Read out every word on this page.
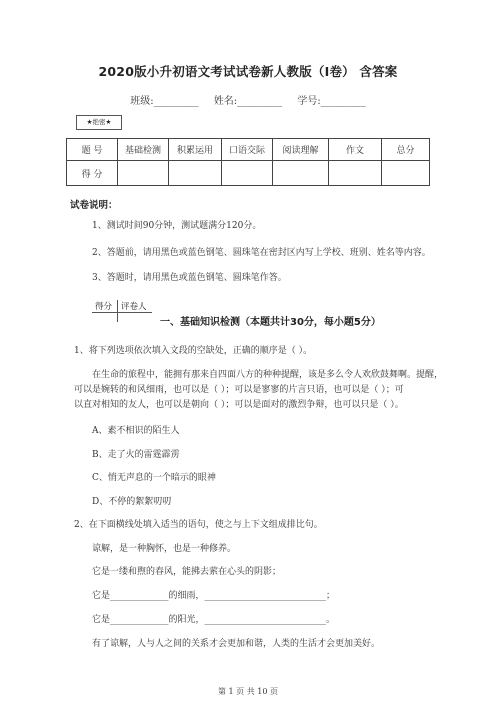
2020版小升初语文考试试卷新人教版（I卷） 含答案
班级:_________ 姓名:_________ 学号:_________
★绝密★
题 号	基础检测	积累运用	口语交际	阅读理解	作文	总分
得 分						
试卷说明：
1、测试时间90分钟，测试题满分120分。
2、答题前，请用黑色或蓝色钢笔、圆珠笔在密封区内写上学校、班别、姓名等内容。
3、答题时，请用黑色或蓝色钢笔、圆珠笔作答。
得分 评卷人
一、基础知识检测（本题共计30分，每小题5分）
1、将下列选项依次填入文段的空缺处，正确的顺序是（ ）。
在生命的旅程中，能拥有那来自四面八方的种种提醒，该是多么令人欢欣鼓舞啊。提醒，
可以是婉转的和风细雨，也可以是（ ）；可以是寥寥的片言只语，也可以是（ ）；可
以直对相知的友人，也可以是朝向（ ）；可以是面对的激烈争辩，也可以只是（ ）。
A、素不相识的陌生人
B、走了火的雷霆霹雳
C、悄无声息的一个暗示的眼神
D、不停的絮絮叨叨
2、在下面横线处填入适当的语句，使之与上下文组成排比句。
谅解，是一种胸怀，也是一种修养。
它是一缕和煦的春风，能拂去萦在心头的阴影；
它是_____________的细雨，___________________________；
它是_____________的阳光，___________________________。
有了谅解，人与人之间的关系才会更加和谐，人类的生活才会更加美好。
第 1 页 共 10 页
